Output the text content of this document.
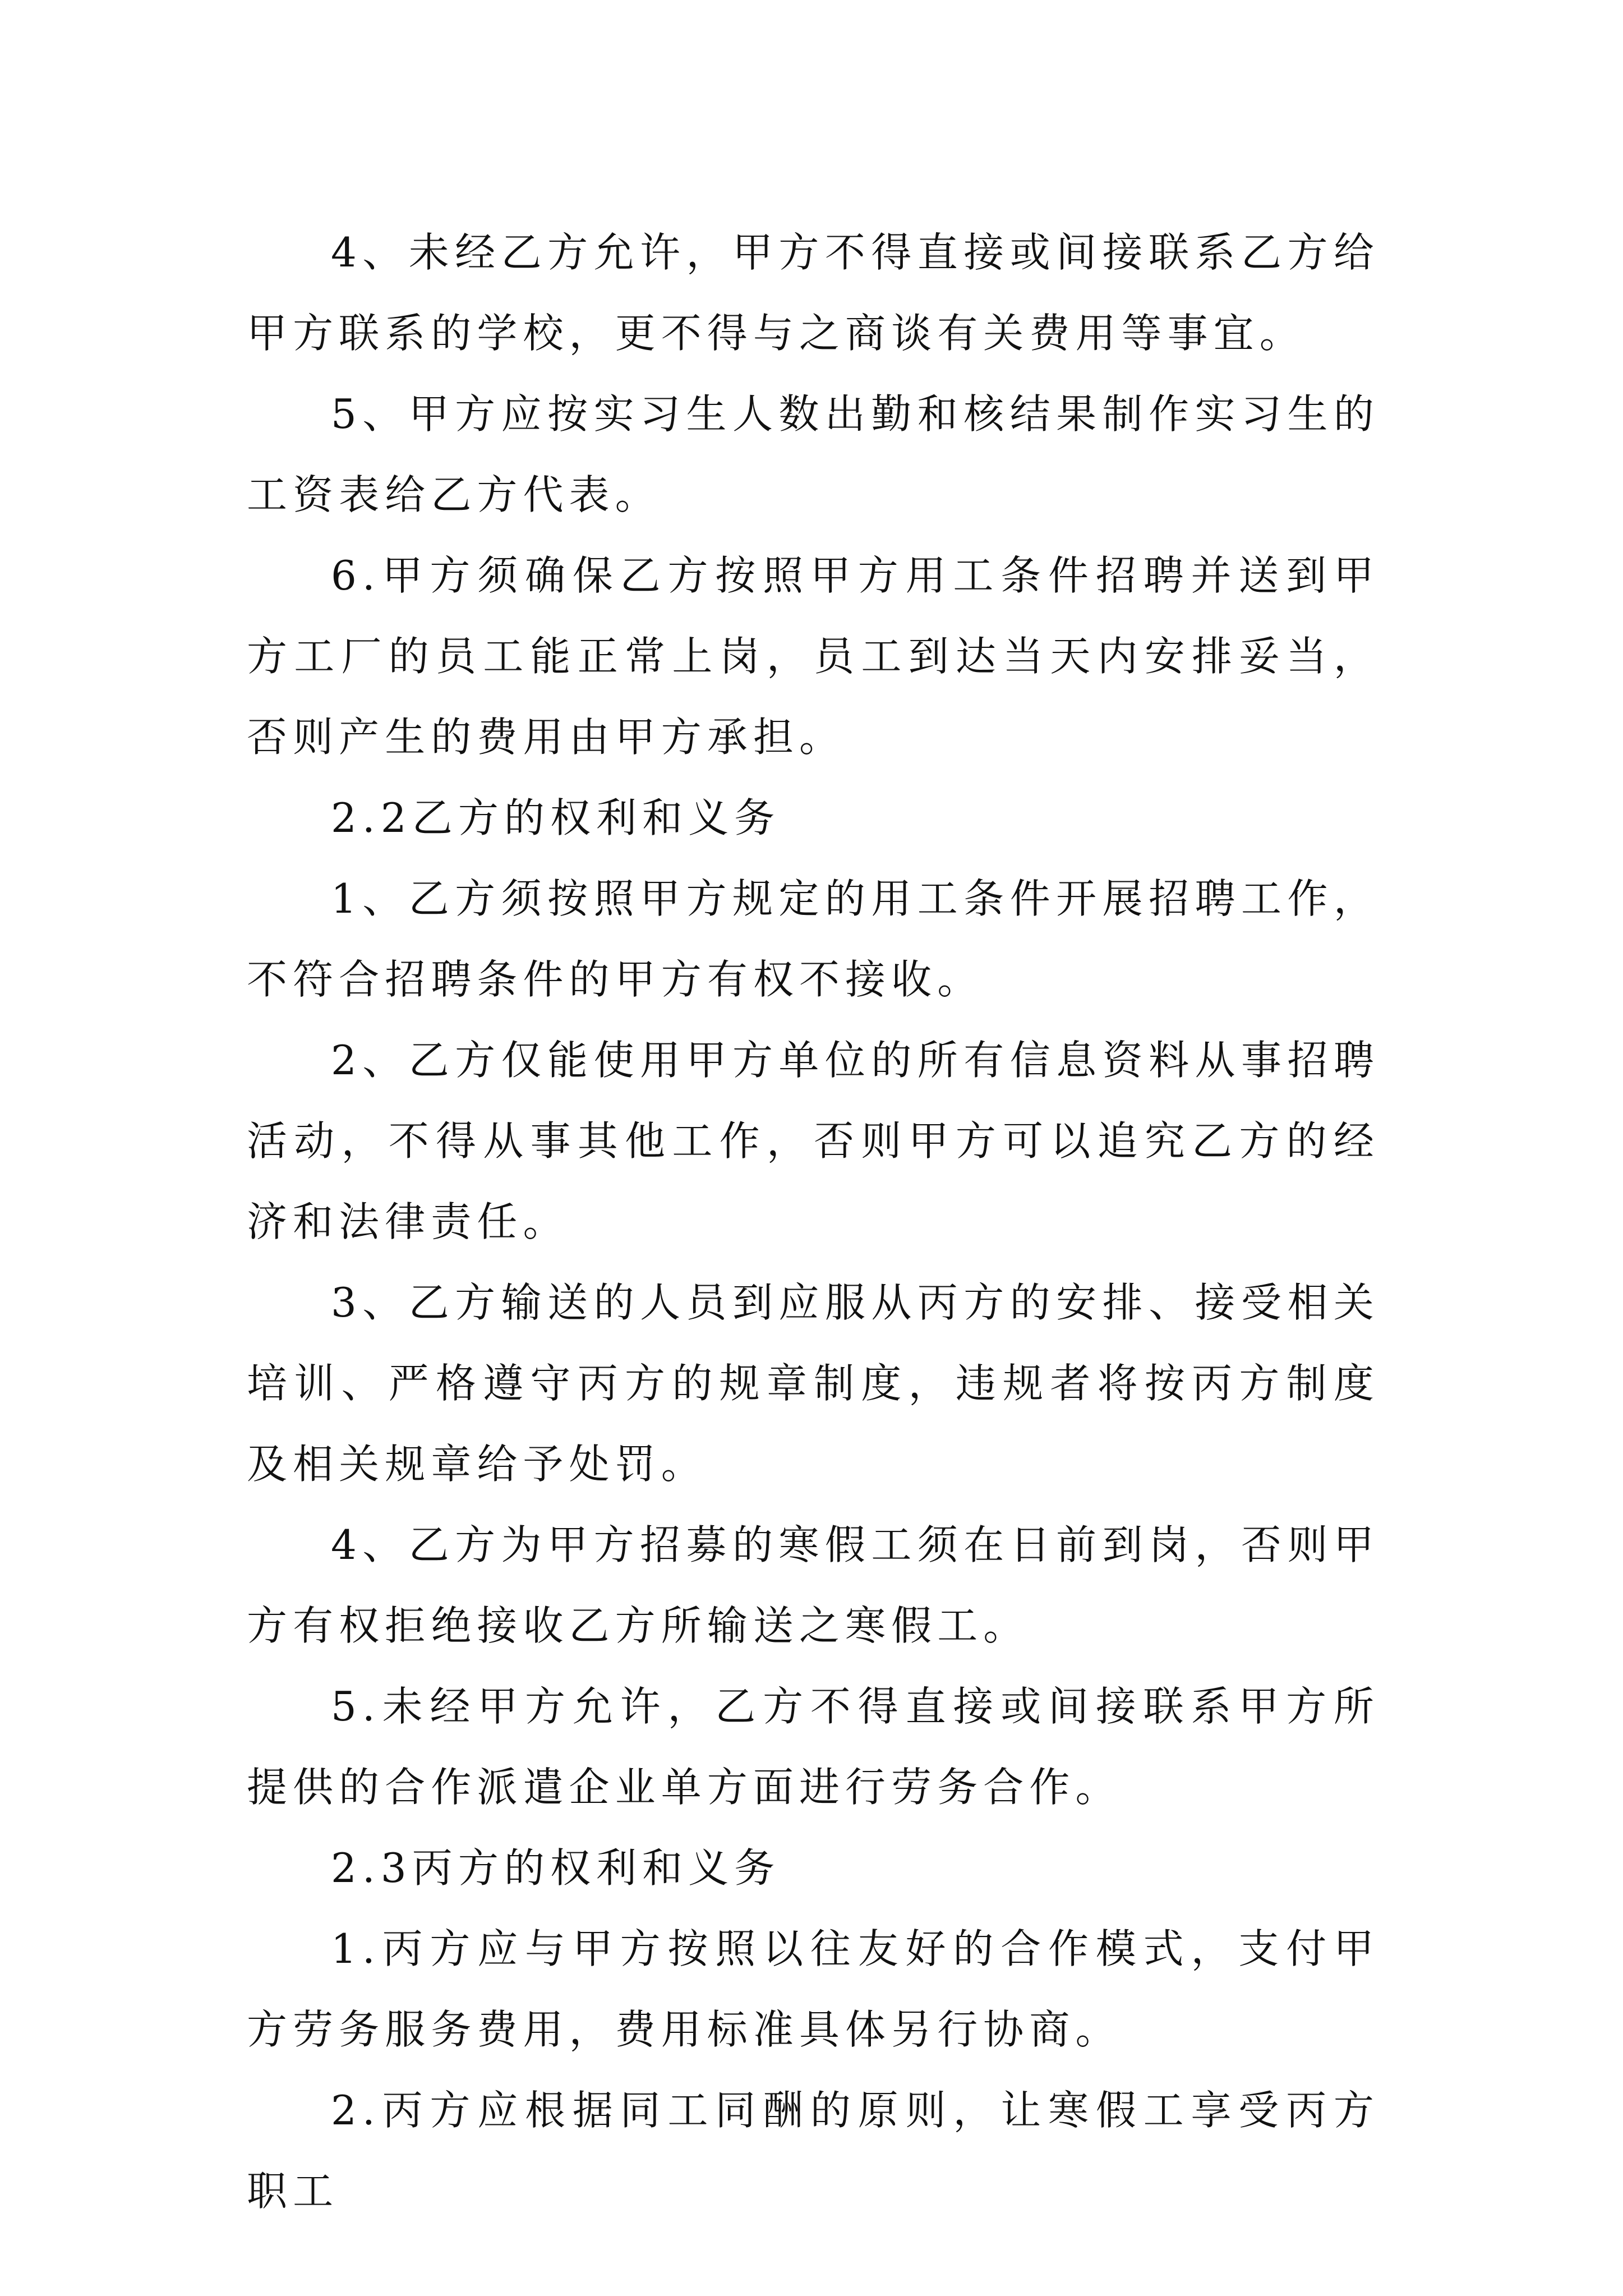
4、未经乙方允许，甲方不得直接或间接联系乙方给甲方联系的学校，更不得与之商谈有关费用等事宜。

5、甲方应按实习生人数出勤和核结果制作实习生的工资表给乙方代表。

6.甲方须确保乙方按照甲方用工条件招聘并送到甲方工厂的员工能正常上岗，员工到达当天内安排妥当，否则产生的费用由甲方承担。

2.2乙方的权利和义务

1、乙方须按照甲方规定的用工条件开展招聘工作，不符合招聘条件的甲方有权不接收。

2、乙方仅能使用甲方单位的所有信息资料从事招聘活动，不得从事其他工作，否则甲方可以追究乙方的经济和法律责任。

3、乙方输送的人员到应服从丙方的安排、接受相关培训、严格遵守丙方的规章制度，违规者将按丙方制度及相关规章给予处罚。

4、乙方为甲方招募的寒假工须在日前到岗，否则甲方有权拒绝接收乙方所输送之寒假工。

5.未经甲方允许，乙方不得直接或间接联系甲方所提供的合作派遣企业单方面进行劳务合作。

2.3丙方的权利和义务

1.丙方应与甲方按照以往友好的合作模式，支付甲方劳务服务费用，费用标准具体另行协商。

2.丙方应根据同工同酬的原则，让寒假工享受丙方职工
